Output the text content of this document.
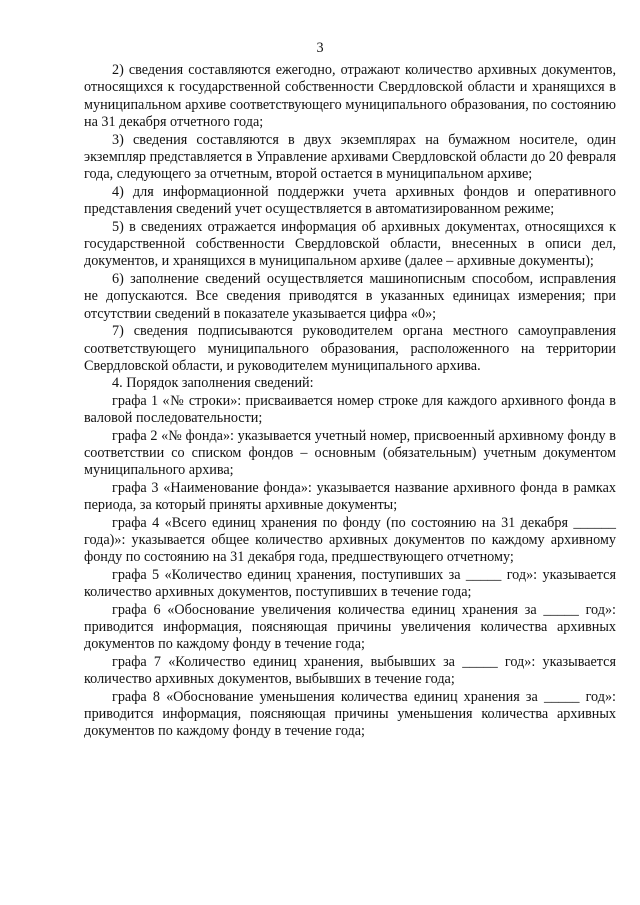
3

2) сведения составляются ежегодно, отражают количество архивных документов, относящихся к государственной собственности Свердловской области и хранящихся в муниципальном архиве соответствующего муниципального образования, по состоянию на 31 декабря отчетного года;

3) сведения составляются в двух экземплярах на бумажном носителе, один экземпляр представляется в Управление архивами Свердловской области до 20 февраля года, следующего за отчетным, второй остается в муниципальном архиве;

4) для информационной поддержки учета архивных фондов и оперативного представления сведений учет осуществляется в автоматизированном режиме;

5) в сведениях отражается информация об архивных документах, относящихся к государственной собственности Свердловской области, внесенных в описи дел, документов, и хранящихся в муниципальном архиве (далее – архивные документы);

6) заполнение сведений осуществляется машинописным способом, исправления не допускаются. Все сведения приводятся в указанных единицах измерения; при отсутствии сведений в показателе указывается цифра «0»;

7) сведения подписываются руководителем органа местного самоуправления соответствующего муниципального образования, расположенного на территории Свердловской области, и руководителем муниципального архива.

4. Порядок заполнения сведений:

графа 1 «№ строки»: присваивается номер строке для каждого архивного фонда в валовой последовательности;

графа 2 «№ фонда»: указывается учетный номер, присвоенный архивному фонду в соответствии со списком фондов – основным (обязательным) учетным документом муниципального архива;

графа 3 «Наименование фонда»: указывается название архивного фонда в рамках периода, за который приняты архивные документы;

графа 4 «Всего единиц хранения по фонду (по состоянию на 31 декабря ______ года)»: указывается общее количество архивных документов по каждому архивному фонду по состоянию на 31 декабря года, предшествующего отчетному;

графа 5 «Количество единиц хранения, поступивших за _____ год»: указывается количество архивных документов, поступивших в течение года;

графа 6 «Обоснование увеличения количества единиц хранения за _____ год»: приводится информация, поясняющая причины увеличения количества архивных документов по каждому фонду в течение года;

графа 7 «Количество единиц хранения, выбывших за _____ год»: указывается количество архивных документов, выбывших в течение года;

графа 8 «Обоснование уменьшения количества единиц хранения за _____ год»: приводится информация, поясняющая причины уменьшения количества архивных документов по каждому фонду в течение года;
